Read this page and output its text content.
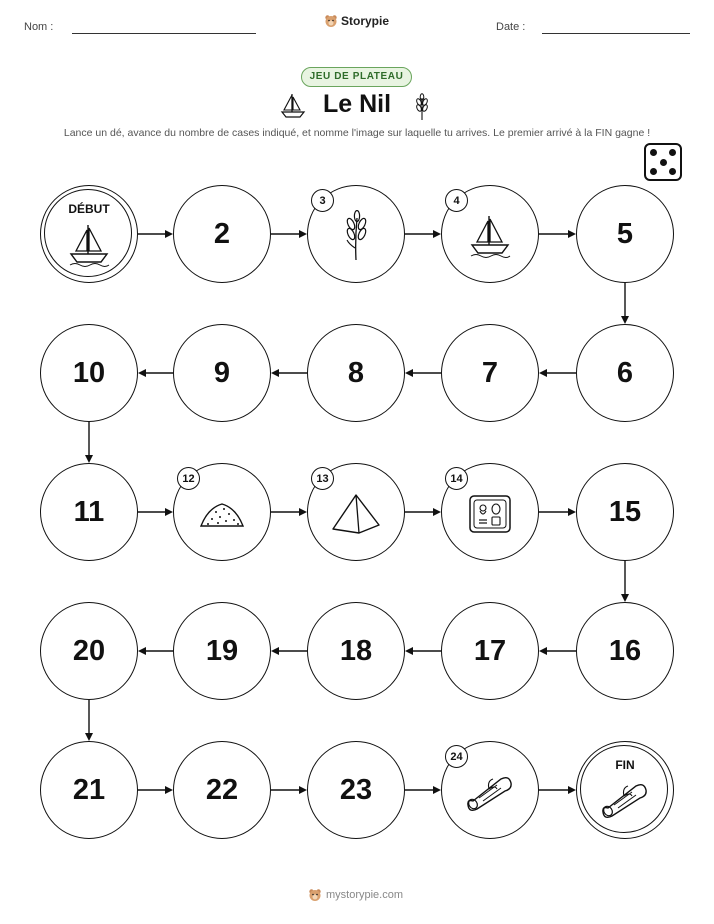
Nom :	Storypie	Date :
JEU DE PLATEAU
Le Nil
Lance un dé, avance du nombre de cases indiqué, et nomme l'image sur laquelle tu arrives. Le premier arrivé à la FIN gagne !
DÉBUT
2
3	4
5
6
7
8
9
10
11
12	13	14
15
16
17
18
19
20
21	22	23
24
FIN
mystorypie.com
